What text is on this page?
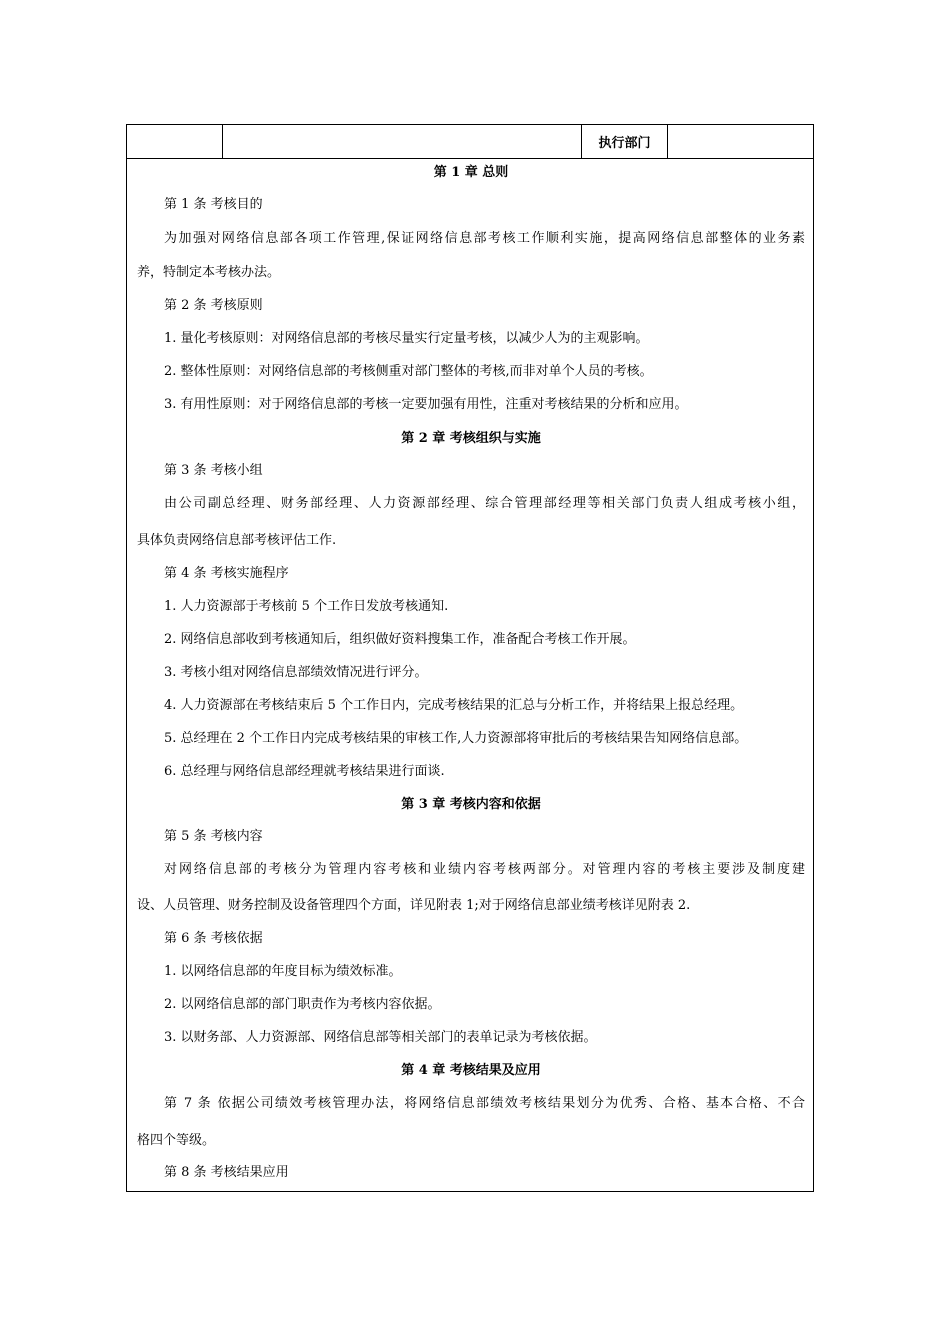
执行部门
第 1 章 总则
第 1 条 考核目的
为加强对网络信息部各项工作管理,保证网络信息部考核工作顺利实施，提高网络信息部整体的业务素
养，特制定本考核办法。
第 2 条 考核原则
1. 量化考核原则：对网络信息部的考核尽量实行定量考核，以减少人为的主观影响。
2. 整体性原则：对网络信息部的考核侧重对部门整体的考核,而非对单个人员的考核。
3. 有用性原则：对于网络信息部的考核一定要加强有用性，注重对考核结果的分析和应用。
第 2 章 考核组织与实施
第 3 条 考核小组
由公司副总经理、财务部经理、人力资源部经理、综合管理部经理等相关部门负责人组成考核小组，
具体负责网络信息部考核评估工作.
第 4 条 考核实施程序
1. 人力资源部于考核前 5 个工作日发放考核通知.
2. 网络信息部收到考核通知后，组织做好资料搜集工作，准备配合考核工作开展。
3. 考核小组对网络信息部绩效情况进行评分。
4. 人力资源部在考核结束后 5 个工作日内，完成考核结果的汇总与分析工作，并将结果上报总经理。
5. 总经理在 2 个工作日内完成考核结果的审核工作,人力资源部将审批后的考核结果告知网络信息部。
6. 总经理与网络信息部经理就考核结果进行面谈.
第 3 章 考核内容和依据
第 5 条 考核内容
对网络信息部的考核分为管理内容考核和业绩内容考核两部分。对管理内容的考核主要涉及制度建
设、人员管理、财务控制及设备管理四个方面，详见附表 1;对于网络信息部业绩考核详见附表 2.
第 6 条 考核依据
1. 以网络信息部的年度目标为绩效标准。
2. 以网络信息部的部门职责作为考核内容依据。
3. 以财务部、人力资源部、网络信息部等相关部门的表单记录为考核依据。
第 4 章 考核结果及应用
第 7 条 依据公司绩效考核管理办法，将网络信息部绩效考核结果划分为优秀、合格、基本合格、不合
格四个等级。
第 8 条 考核结果应用
